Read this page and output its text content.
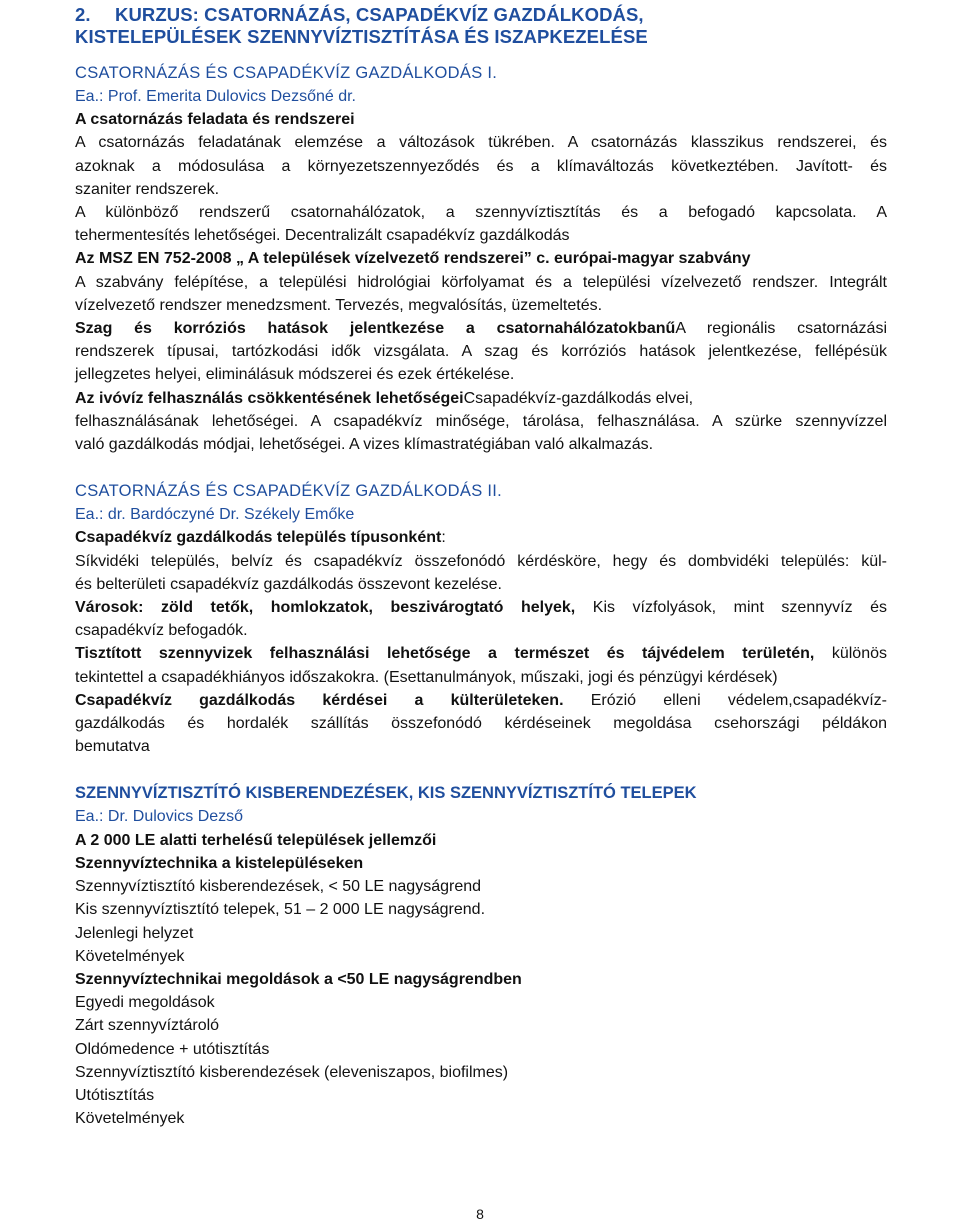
2. KURZUS: CSATORNÁZÁS, CSAPADÉKVÍZ GAZDÁLKODÁS,
KISTELEPÜLÉSEK SZENNYVÍZTISZTÍTÁSA ÉS ISZAPKEZELÉSE

CSATORNÁZÁS ÉS CSAPADÉKVÍZ GAZDÁLKODÁS I.

Ea.: Prof. Emerita Dulovics Dezsőné dr.

A csatornázás feladata és rendszerei

A csatornázás feladatának elemzése a változások tükrében. A csatornázás klasszikus rendszerei, és

azoknak a módosulása a környezetszennyeződés és a klímaváltozás következtében. Javított- és

szaniter rendszerek.

A különböző rendszerű csatornahálózatok, a szennyvíztisztítás és a befogadó kapcsolata. A

tehermentesítés lehetőségei. Decentralizált csapadékvíz gazdálkodás

Az MSZ EN 752-2008 „ A települések vízelvezető rendszerei” c. európai-magyar szabvány

A szabvány felépítése, a települési hidrológiai körfolyamat és a települési vízelvezető rendszer. Integrált

vízelvezető rendszer menedzsment. Tervezés, megvalósítás, üzemeltetés.

Szag és korróziós hatások jelentkezése a csatornahálózatokbanűA regionális csatornázási

rendszerek típusai, tartózkodási idők vizsgálata. A szag és korróziós hatások jelentkezése, fellépésük

jellegzetes helyei, eliminálásuk módszerei és ezek értékelése.

Az ivóvíz felhasználás csökkentésének lehetőségeiCsapadékvíz-gazdálkodás elvei,

felhasználásának lehetőségei. A csapadékvíz minősége, tárolása, felhasználása. A szürke szennyvízzel

való gazdálkodás módjai, lehetőségei. A vizes klímastratégiában való alkalmazás.

CSATORNÁZÁS ÉS CSAPADÉKVÍZ GAZDÁLKODÁS II.

Ea.: dr. Bardóczyné Dr. Székely Emőke

Csapadékvíz gazdálkodás település típusonként:

Síkvidéki település, belvíz és csapadékvíz összefonódó kérdésköre, hegy és dombvidéki település: kül-

és belterületi csapadékvíz gazdálkodás összevont kezelése.

Városok: zöld tetők, homlokzatok, beszivárogtató helyek, Kis vízfolyások, mint szennyvíz és

csapadékvíz befogadók.

Tisztított szennyvizek felhasználási lehetősége a természet és tájvédelem területén, különös

tekintettel a csapadékhiányos időszakokra. (Esettanulmányok, műszaki, jogi és pénzügyi kérdések)

Csapadékvíz gazdálkodás kérdései a külterületeken. Erózió elleni védelem,csapadékvíz-

gazdálkodás és hordalék szállítás összefonódó kérdéseinek megoldása csehországi példákon

bemutatva

SZENNYVÍZTISZTÍTÓ KISBERENDEZÉSEK, KIS SZENNYVÍZTISZTÍTÓ TELEPEK

Ea.: Dr. Dulovics Dezső

A 2 000 LE alatti terhelésű települések jellemzői

Szennyvíztechnika a kistelepüléseken

Szennyvíztisztító kisberendezések, < 50 LE nagyságrend

Kis szennyvíztisztító telepek, 51 – 2 000 LE nagyságrend.

Jelenlegi helyzet

Követelmények

Szennyvíztechnikai megoldások a <50 LE nagyságrendben

Egyedi megoldások

Zárt szennyvíztároló

Oldómedence + utótisztítás

Szennyvíztisztító kisberendezések (eleveniszapos, biofilmes)

Utótisztítás

Követelmények

8
